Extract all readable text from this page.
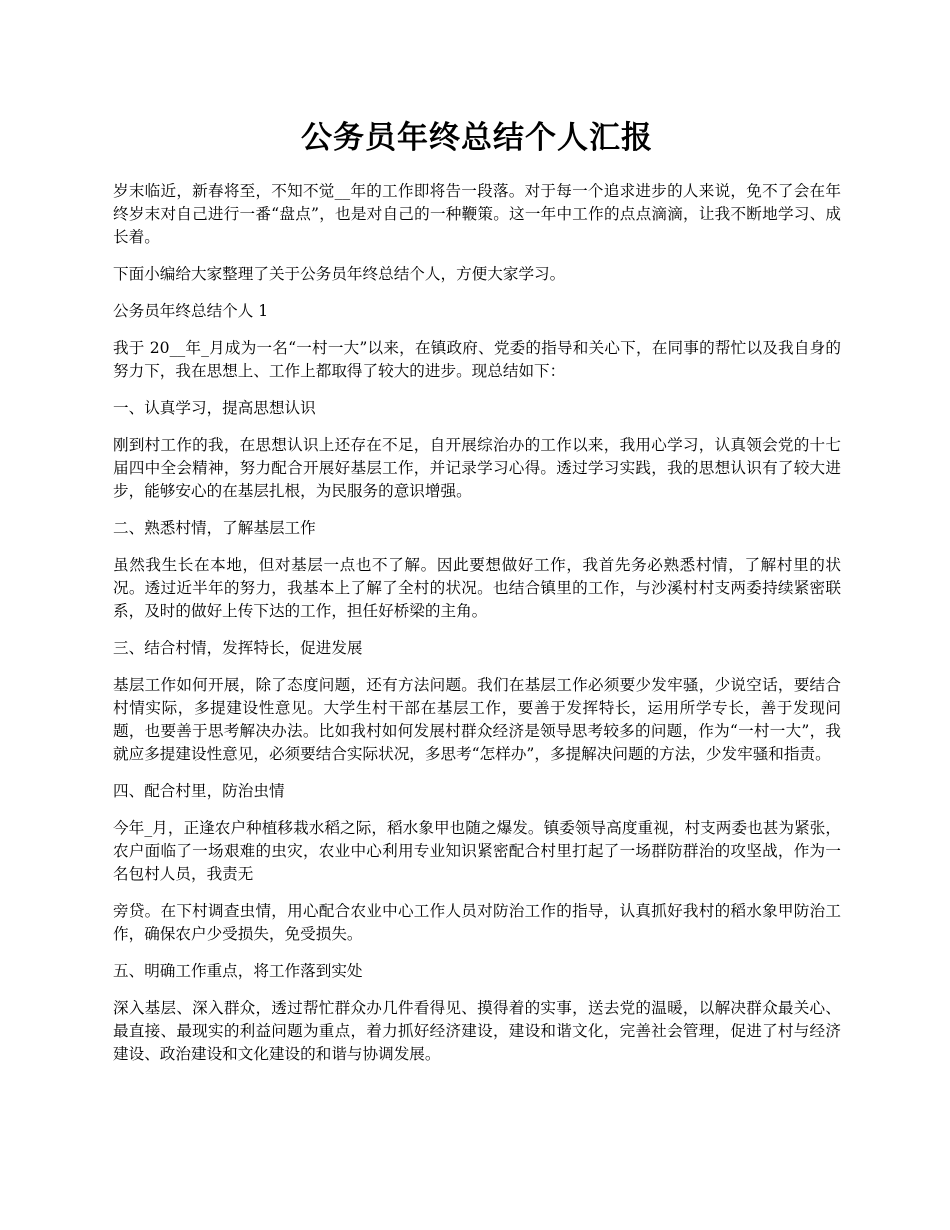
公务员年终总结个人汇报

岁末临近，新春将至，不知不觉__年的工作即将告一段落。对于每一个追求进步的人来说，免不了会在年终岁末对自己进行一番“盘点”，也是对自己的一种鞭策。这一年中工作的点点滴滴，让我不断地学习、成长着。

下面小编给大家整理了关于公务员年终总结个人，方便大家学习。

公务员年终总结个人 1

我于 20__年_月成为一名“一村一大”以来，在镇政府、党委的指导和关心下，在同事的帮忙以及我自身的努力下，我在思想上、工作上都取得了较大的进步。现总结如下：

一、认真学习，提高思想认识

刚到村工作的我，在思想认识上还存在不足，自开展综治办的工作以来，我用心学习，认真领会党的十七届四中全会精神，努力配合开展好基层工作，并记录学习心得。透过学习实践，我的思想认识有了较大进步，能够安心的在基层扎根，为民服务的意识增强。

二、熟悉村情，了解基层工作

虽然我生长在本地，但对基层一点也不了解。因此要想做好工作，我首先务必熟悉村情，了解村里的状况。透过近半年的努力，我基本上了解了全村的状况。也结合镇里的工作，与沙溪村村支两委持续紧密联系，及时的做好上传下达的工作，担任好桥梁的主角。

三、结合村情，发挥特长，促进发展

基层工作如何开展，除了态度问题，还有方法问题。我们在基层工作必须要少发牢骚，少说空话，要结合村情实际，多提建设性意见。大学生村干部在基层工作，要善于发挥特长，运用所学专长，善于发现问题，也要善于思考解决办法。比如我村如何发展村群众经济是领导思考较多的问题，作为“一村一大”，我就应多提建设性意见，必须要结合实际状况，多思考“怎样办”，多提解决问题的方法，少发牢骚和指责。

四、配合村里，防治虫情

今年_月，正逢农户种植移栽水稻之际，稻水象甲也随之爆发。镇委领导高度重视，村支两委也甚为紧张，农户面临了一场艰难的虫灾，农业中心利用专业知识紧密配合村里打起了一场群防群治的攻坚战，作为一名包村人员，我责无

旁贷。在下村调查虫情，用心配合农业中心工作人员对防治工作的指导，认真抓好我村的稻水象甲防治工作，确保农户少受损失，免受损失。

五、明确工作重点，将工作落到实处

深入基层、深入群众，透过帮忙群众办几件看得见、摸得着的实事，送去党的温暖，以解决群众最关心、最直接、最现实的利益问题为重点，着力抓好经济建设，建设和谐文化，完善社会管理，促进了村与经济建设、政治建设和文化建设的和谐与协调发展。
